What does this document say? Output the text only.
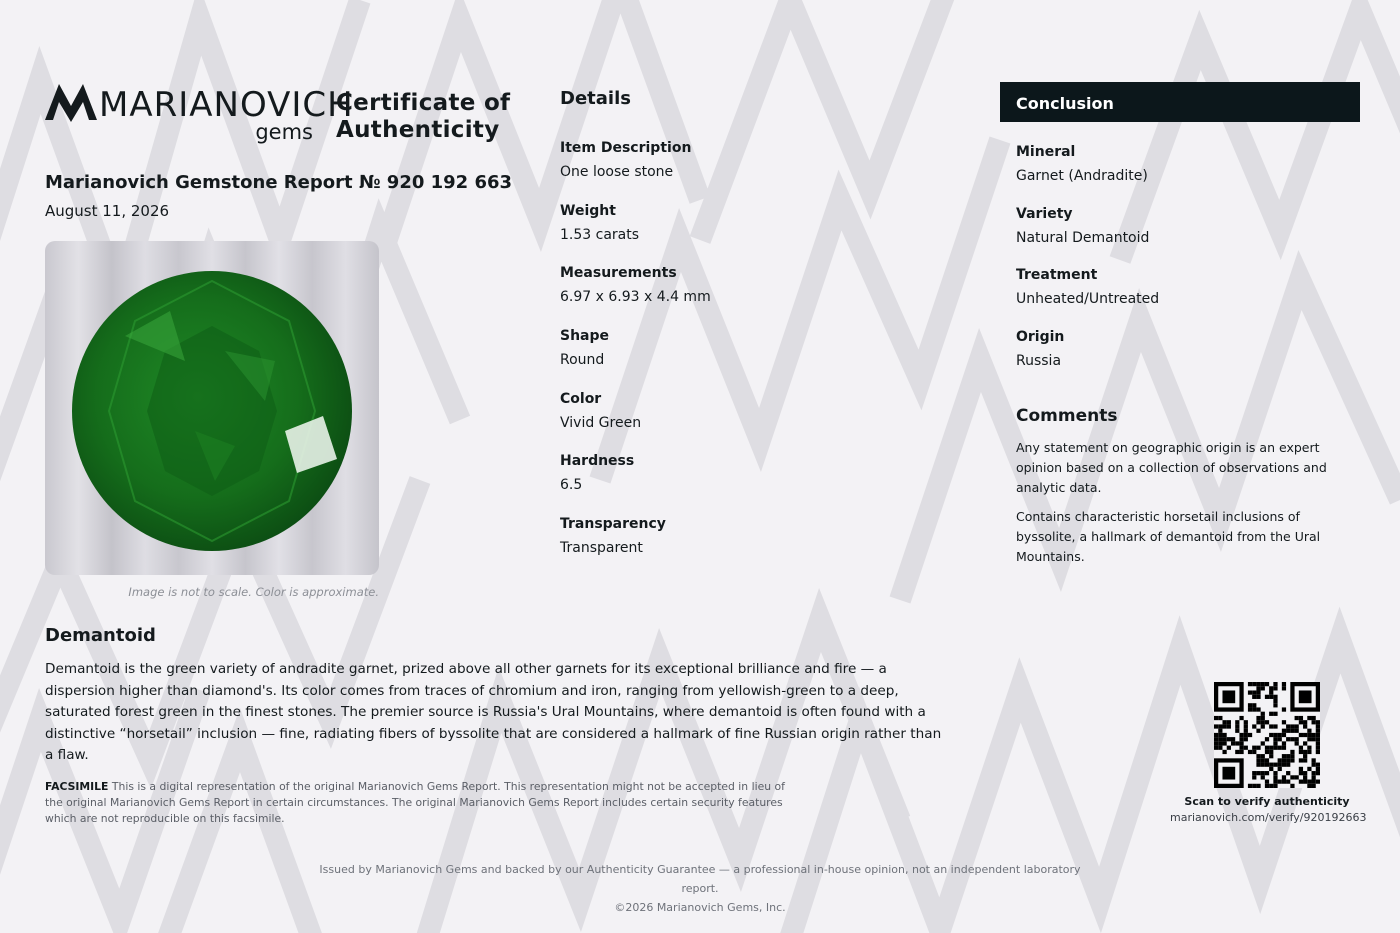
MARIANOVICH
gems
Certificate of
Authenticity
Marianovich Gemstone Report № 920 192 663
August 11, 2026
Image is not to scale. Color is approximate.
Details
Item Description
One loose stone
Weight
1.53 carats
Measurements
6.97 x 6.93 x 4.4 mm
Shape
Round
Color
Vivid Green
Hardness
6.5
Transparency
Transparent
Conclusion
Mineral
Garnet (Andradite)
Variety
Natural Demantoid
Treatment
Unheated/Untreated
Origin
Russia
Comments

Any statement on geographic origin is an expert opinion based on a collection of observations and analytic data.

Contains characteristic horsetail inclusions of byssolite, a hallmark of demantoid from the Ural Mountains.

Demantoid
Demantoid is the green variety of andradite garnet, prized above all other garnets for its exceptional brilliance and fire — a dispersion higher than diamond's. Its color comes from traces of chromium and iron, ranging from yellowish-green to a deep, saturated forest green in the finest stones. The premier source is Russia's Ural Mountains, where demantoid is often found with a distinctive “horsetail” inclusion — fine, radiating fibers of byssolite that are considered a hallmark of fine Russian origin rather than a flaw.
FACSIMILE This is a digital representation of the original Marianovich Gems Report. This representation might not be accepted in lieu of the original Marianovich Gems Report in certain circumstances. The original Marianovich Gems Report includes certain security features which are not reproducible on this facsimile.
Scan to verify authenticity
marianovich.com/verify/920192663
Issued by Marianovich Gems and backed by our Authenticity Guarantee — a professional in-house opinion, not an independent laboratory report.
©2026 Marianovich Gems, Inc.
